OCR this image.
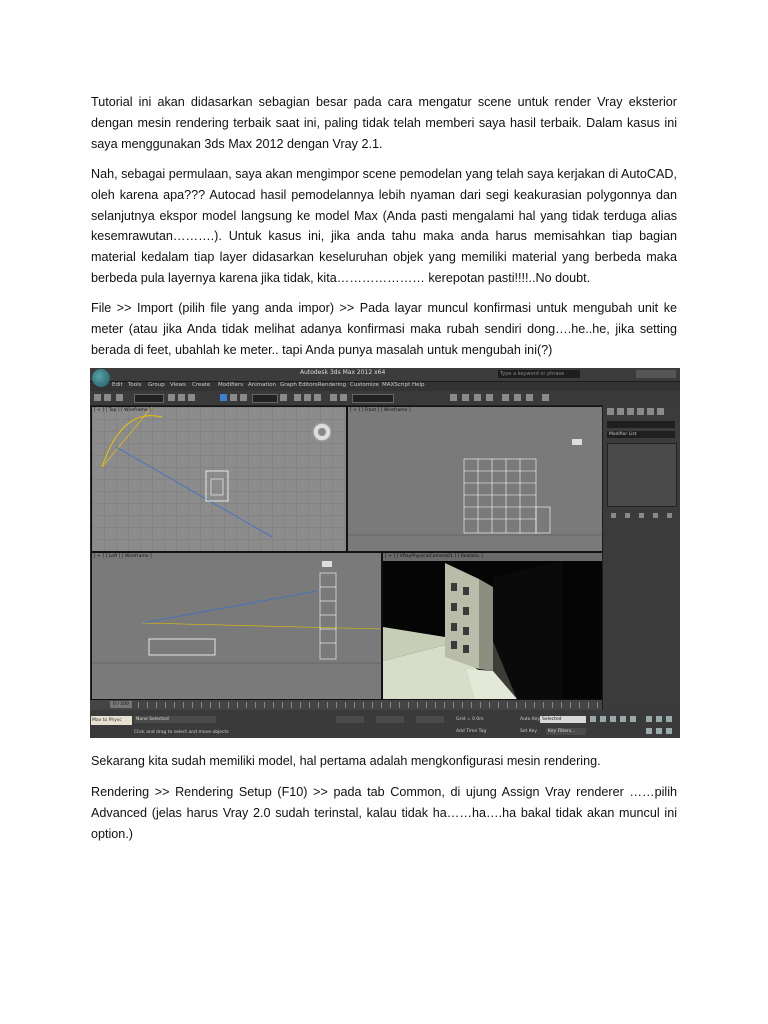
Tutorial ini akan didasarkan sebagian besar pada cara mengatur scene untuk render Vray eksterior dengan mesin rendering terbaik saat ini, paling tidak telah memberi saya hasil terbaik. Dalam kasus ini saya menggunakan 3ds Max 2012 dengan Vray 2.1.

Nah, sebagai permulaan, saya akan mengimpor scene pemodelan yang telah saya kerjakan di AutoCAD, oleh karena apa??? Autocad hasil pemodelannya lebih nyaman dari segi keakurasian polygonnya dan selanjutnya ekspor model langsung ke model Max (Anda pasti mengalami hal yang tidak terduga alias kesemrawutan……….). Untuk kasus ini, jika anda tahu maka anda harus memisahkan tiap bagian material kedalam tiap layer didasarkan keseluruhan objek yang memiliki material yang berbeda maka berbeda pula layernya karena jika tidak, kita………………… kerepotan pasti!!!!..No doubt.

File >> Import (pilih file yang anda impor) >> Pada layar muncul konfirmasi untuk mengubah unit ke meter (atau jika Anda tidak melihat adanya konfirmasi maka rubah sendiri dong….he..he, jika setting berada di feet, ubahlah ke meter.. tapi Anda punya masalah untuk mengubah ini(?)

Autodesk 3ds Max 2012 x64	Type a keyword or phrase
Edit Tools Group Views Create Modifiers Animation Graph Editors Rendering Customize MAXScript Help
[ + ] [ Top ] [ Wireframe ]	[ + ] [ Front ] [ Wireframe ]
[ + ] [ Left ] [ Wireframe ]	[ + ] [ VRayPhysicalCamera01 ] [ Realistic ]
Modifier List
0 / 100
Max to Physc	None Selected
Click and drag to select and move objects
Grid = 0.0m
Add Time Tag
Auto Key Selected
Set Key	Key Filters...

Sekarang kita sudah memiliki model, hal pertama adalah mengkonfigurasi mesin rendering.

Rendering >> Rendering Setup (F10) >> pada tab Common, di ujung Assign Vray renderer ……pilih Advanced (jelas harus Vray 2.0 sudah terinstal, kalau tidak ha……ha….ha bakal tidak akan muncul ini option.)
